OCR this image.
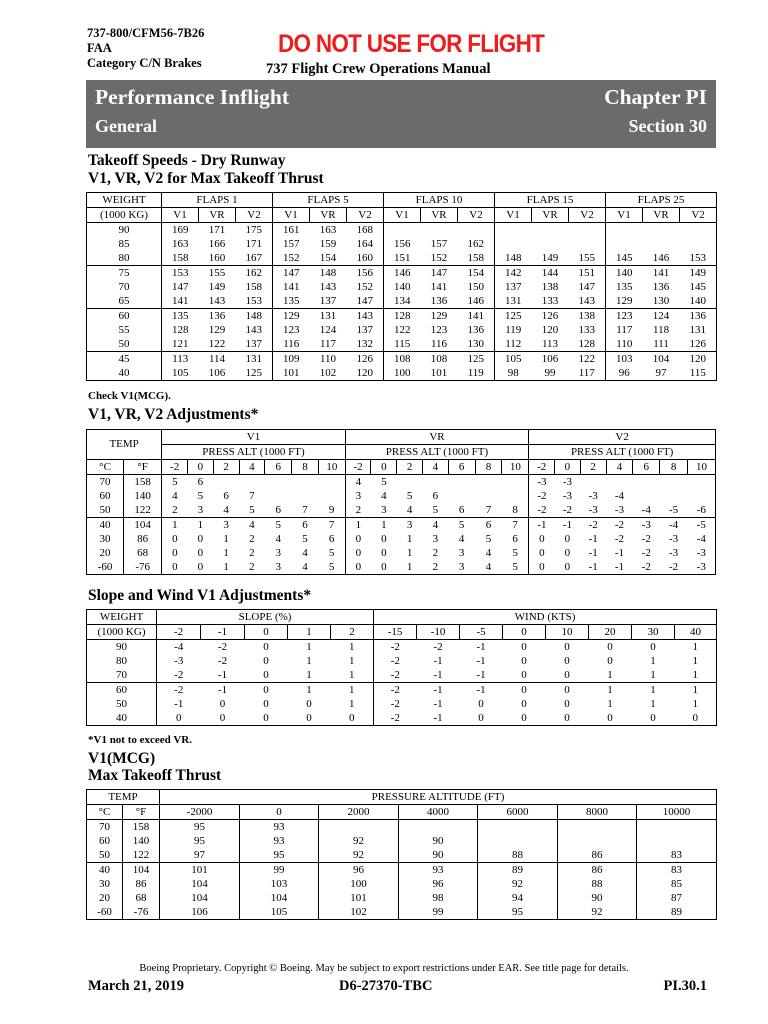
737-800/CFM56-7B26
FAA
Category C/N Brakes
DO NOT USE FOR FLIGHT
737 Flight Crew Operations Manual
Performance Inflight	Chapter PI
General	Section 30
Takeoff Speeds - Dry Runway
V1, VR, V2 for Max Takeoff Thrust
WEIGHT	FLAPS 1			FLAPS 5			FLAPS 10			FLAPS 15			FLAPS 25		
(1000 KG)	V1	VR	V2	V1	VR	V2	V1	VR	V2	V1	VR	V2	V1	VR	V2
90	169	171	175	161	163	168									
85	163	166	171	157	159	164	156	157	162						
80	158	160	167	152	154	160	151	152	158	148	149	155	145	146	153
75	153	155	162	147	148	156	146	147	154	142	144	151	140	141	149
70	147	149	158	141	143	152	140	141	150	137	138	147	135	136	145
65	141	143	153	135	137	147	134	136	146	131	133	143	129	130	140
60	135	136	148	129	131	143	128	129	141	125	126	138	123	124	136
55	128	129	143	123	124	137	122	123	136	119	120	133	117	118	131
50	121	122	137	116	117	132	115	116	130	112	113	128	110	111	126
45	113	114	131	109	110	126	108	108	125	105	106	122	103	104	120
40	105	106	125	101	102	120	100	101	119	98	99	117	96	97	115
Check V1(MCG).
V1, VR, V2 Adjustments*
TEMP		V1							VR							V2						
		PRESS ALT (1000 FT)							PRESS ALT (1000 FT)							PRESS ALT (1000 FT)						
°C	°F	-2	0	2	4	6	8	10	-2	0	2	4	6	8	10	-2	0	2	4	6	8	10
70	158	5	6						4	5						-3	-3					
60	140	4	5	6	7				3	4	5	6				-2	-3	-3	-4			
50	122	2	3	4	5	6	7	9	2	3	4	5	6	7	8	-2	-2	-3	-3	-4	-5	-6
40	104	1	1	3	4	5	6	7	1	1	3	4	5	6	7	-1	-1	-2	-2	-3	-4	-5
30	86	0	0	1	2	4	5	6	0	0	1	3	4	5	6	0	0	-1	-2	-2	-3	-4
20	68	0	0	1	2	3	4	5	0	0	1	2	3	4	5	0	0	-1	-1	-2	-3	-3
-60	-76	0	0	1	2	3	4	5	0	0	1	2	3	4	5	0	0	-1	-1	-2	-2	-3
Slope and Wind V1 Adjustments*
WEIGHT	SLOPE (%)					WIND (KTS)							
(1000 KG)	-2	-1	0	1	2	-15	-10	-5	0	10	20	30	40
90	-4	-2	0	1	1	-2	-2	-1	0	0	0	0	1
80	-3	-2	0	1	1	-2	-1	-1	0	0	0	1	1
70	-2	-1	0	1	1	-2	-1	-1	0	0	1	1	1
60	-2	-1	0	1	1	-2	-1	-1	0	0	1	1	1
50	-1	0	0	0	1	-2	-1	0	0	0	1	1	1
40	0	0	0	0	0	-2	-1	0	0	0	0	0	0
*V1 not to exceed VR.
V1(MCG)
Max Takeoff Thrust
TEMP		PRESSURE ALTITUDE (FT)						
°C	°F	-2000	0	2000	4000	6000	8000	10000
70	158	95	93					
60	140	95	93	92	90			
50	122	97	95	92	90	88	86	83
40	104	101	99	96	93	89	86	83
30	86	104	103	100	96	92	88	85
20	68	104	104	101	98	94	90	87
-60	-76	106	105	102	99	95	92	89
Boeing Proprietary. Copyright © Boeing. May be subject to export restrictions under EAR. See title page for details.
March 21, 2019	D6-27370-TBC	PI.30.1
